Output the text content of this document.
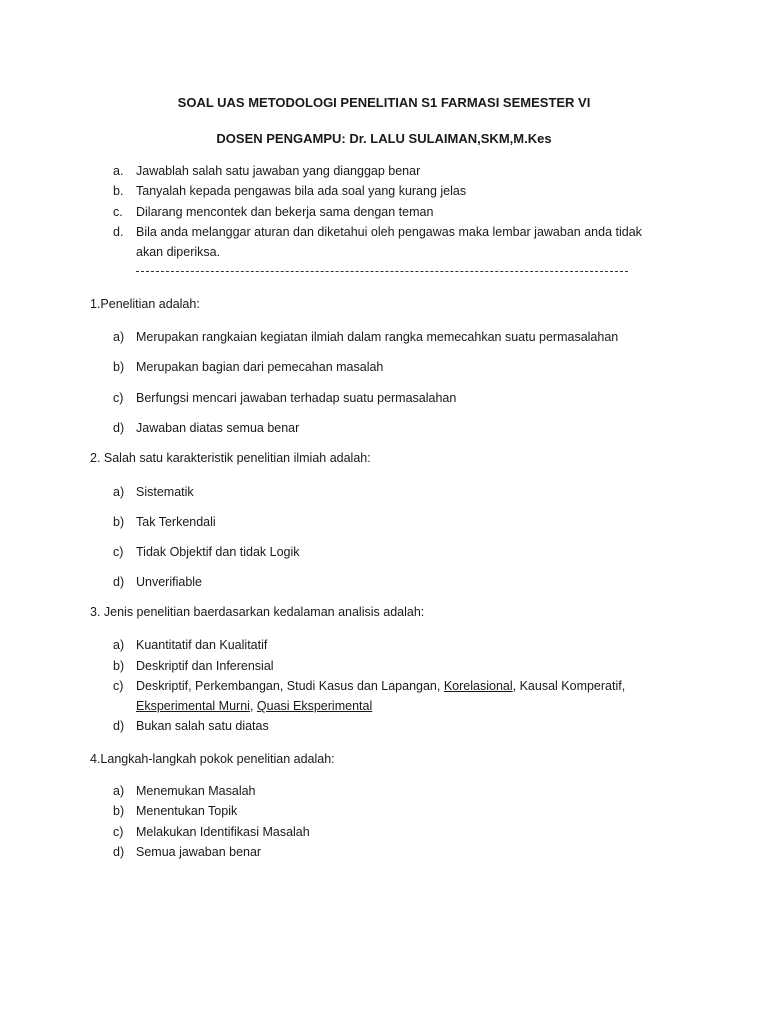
SOAL UAS METODOLOGI PENELITIAN S1 FARMASI SEMESTER VI
DOSEN PENGAMPU: Dr. LALU SULAIMAN,SKM,M.Kes
a. Jawablah salah satu jawaban yang dianggap benar
b. Tanyalah kepada pengawas bila ada soal yang kurang jelas
c. Dilarang mencontek dan bekerja sama dengan teman
d. Bila anda melanggar aturan dan diketahui oleh pengawas maka lembar jawaban anda tidak
akan diperiksa.
1.Penelitian adalah:
a) Merupakan rangkaian kegiatan ilmiah dalam rangka memecahkan suatu permasalahan
b) Merupakan bagian dari pemecahan masalah
c) Berfungsi mencari jawaban terhadap suatu permasalahan
d) Jawaban diatas semua benar
2. Salah satu karakteristik penelitian ilmiah adalah:
a) Sistematik
b) Tak Terkendali
c) Tidak Objektif dan tidak Logik
d) Unverifiable
3. Jenis penelitian baerdasarkan kedalaman analisis adalah:
a) Kuantitatif dan Kualitatif
b) Deskriptif dan Inferensial
c) Deskriptif, Perkembangan, Studi Kasus dan Lapangan, Korelasional, Kausal Komperatif,
Eksperimental Murni, Quasi Eksperimental
d) Bukan salah satu diatas
4.Langkah-langkah pokok penelitian adalah:
a) Menemukan Masalah
b) Menentukan Topik
c) Melakukan Identifikasi Masalah
d) Semua jawaban benar
